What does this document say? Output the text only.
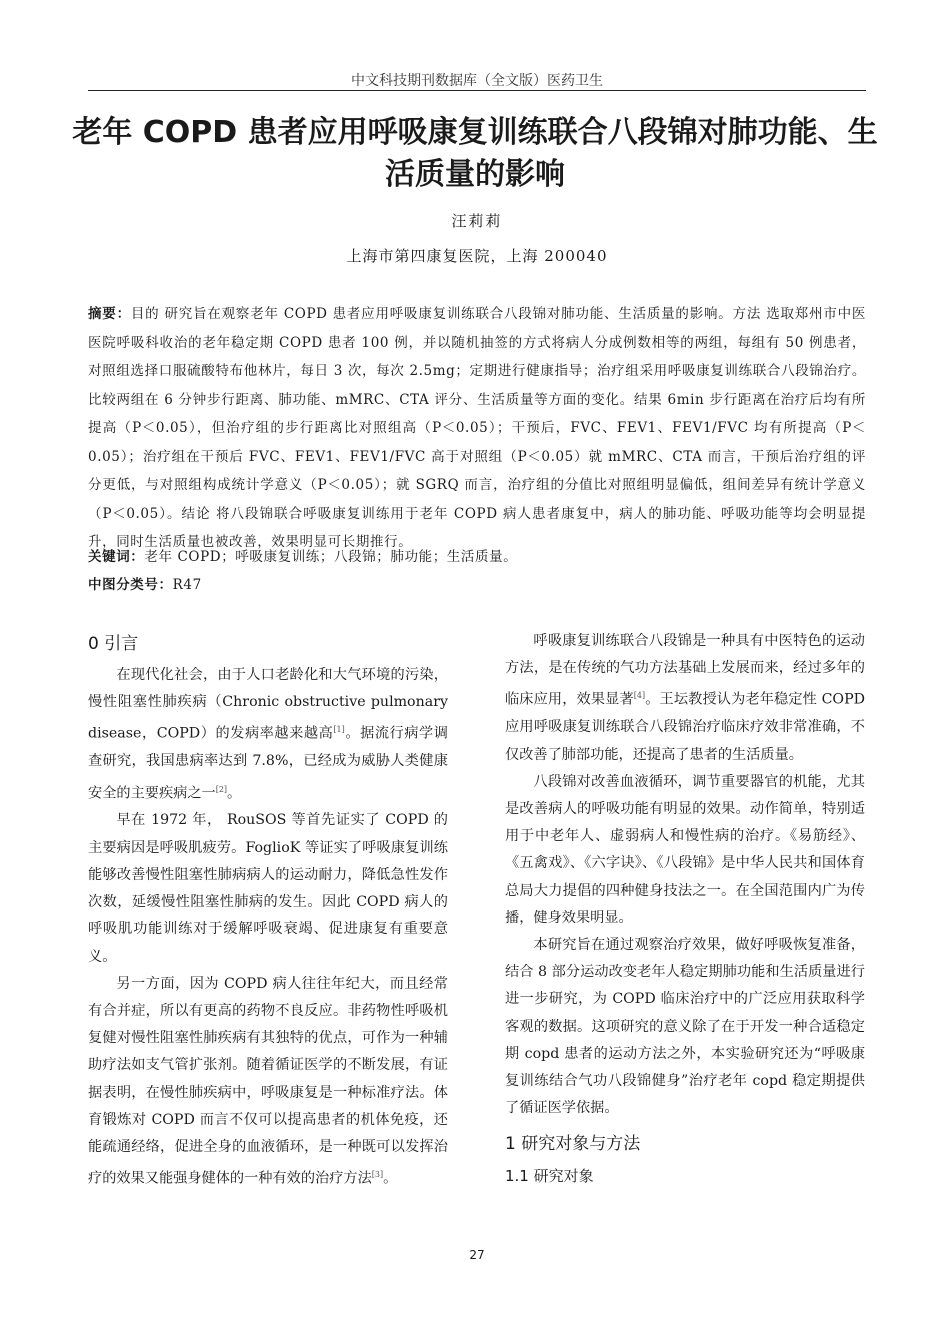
中文科技期刊数据库（全文版）医药卫生
老年 COPD 患者应用呼吸康复训练联合八段锦对肺功能、生活质量的影响
汪莉莉
上海市第四康复医院，上海 200040
摘要：目的 研究旨在观察老年 COPD 患者应用呼吸康复训练联合八段锦对肺功能、生活质量的影响。方法 选取郑州市中医医院呼吸科收治的老年稳定期 COPD 患者 100 例，并以随机抽签的方式将病人分成例数相等的两组，每组有 50 例患者，对照组选择口服硫酸特布他林片，每日 3 次，每次 2.5mg；定期进行健康指导；治疗组采用呼吸康复训练联合八段锦治疗。比较两组在 6 分钟步行距离、肺功能、mMRC、CTA 评分、生活质量等方面的变化。结果 6min 步行距离在治疗后均有所提高（P＜0.05），但治疗组的步行距离比对照组高（P＜0.05）；干预后，FVC、FEV1、FEV1/FVC 均有所提高（P＜0.05）；治疗组在干预后 FVC、FEV1、FEV1/FVC 高于对照组（P＜0.05）就 mMRC、CTA 而言，干预后治疗组的评分更低，与对照组构成统计学意义（P＜0.05）；就 SGRQ 而言，治疗组的分值比对照组明显偏低，组间差异有统计学意义（P＜0.05）。结论 将八段锦联合呼吸康复训练用于老年 COPD 病人患者康复中，病人的肺功能、呼吸功能等均会明显提升，同时生活质量也被改善，效果明显可长期推行。
关键词：老年 COPD；呼吸康复训练；八段锦；肺功能；生活质量。
中图分类号：R47
0 引言

在现代化社会，由于人口老龄化和大气环境的污染，慢性阻塞性肺疾病（Chronic obstructive pulmonary disease，COPD）的发病率越来越高[1]。据流行病学调查研究，我国患病率达到 7.8%，已经成为威胁人类健康安全的主要疾病之一[2]。

早在 1972 年， RouSOS 等首先证实了 COPD 的主要病因是呼吸肌疲劳。FoglioK 等证实了呼吸康复训练能够改善慢性阻塞性肺病病人的运动耐力，降低急性发作次数，延缓慢性阻塞性肺病的发生。因此 COPD 病人的呼吸肌功能训练对于缓解呼吸衰竭、促进康复有重要意义。

另一方面，因为 COPD 病人往往年纪大，而且经常有合并症，所以有更高的药物不良反应。非药物性呼吸机复健对慢性阻塞性肺疾病有其独特的优点，可作为一种辅助疗法如支气管扩张剂。随着循证医学的不断发展，有证据表明，在慢性肺疾病中，呼吸康复是一种标准疗法。体育锻炼对 COPD 而言不仅可以提高患者的机体免疫，还能疏通经络，促进全身的血液循环，是一种既可以发挥治疗的效果又能强身健体的一种有效的治疗方法[3]。

呼吸康复训练联合八段锦是一种具有中医特色的运动方法，是在传统的气功方法基础上发展而来，经过多年的临床应用，效果显著[4]。王坛教授认为老年稳定性 COPD 应用呼吸康复训练联合八段锦治疗临床疗效非常准确，不仅改善了肺部功能，还提高了患者的生活质量。

八段锦对改善血液循环，调节重要器官的机能，尤其是改善病人的呼吸功能有明显的效果。动作简单，特别适用于中老年人、虚弱病人和慢性病的治疗。《易筋经》、《五禽戏》、《六字诀》、《八段锦》是中华人民共和国体育总局大力提倡的四种健身技法之一。在全国范围内广为传播，健身效果明显。

本研究旨在通过观察治疗效果，做好呼吸恢复准备，结合 8 部分运动改变老年人稳定期肺功能和生活质量进行进一步研究，为 COPD 临床治疗中的广泛应用获取科学客观的数据。这项研究的意义除了在于开发一种合适稳定期 copd 患者的运动方法之外，本实验研究还为“呼吸康复训练结合气功八段锦健身”治疗老年 copd 稳定期提供了循证医学依据。

1 研究对象与方法
1.1 研究对象
27
